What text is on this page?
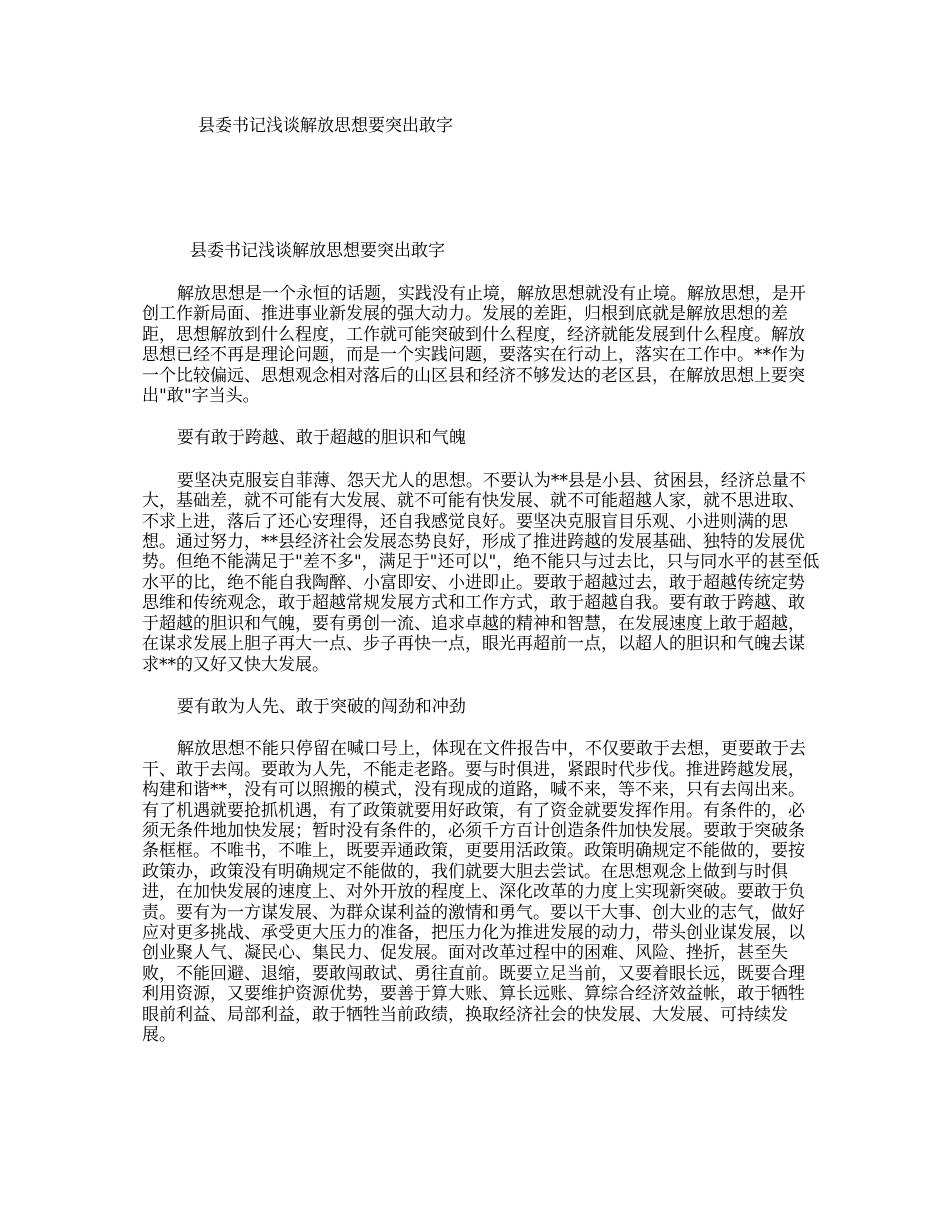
县委书记浅谈解放思想要突出敢字
县委书记浅谈解放思想要突出敢字

解放思想是一个永恒的话题，实践没有止境，解放思想就没有止境。解放思想，是开创工作新局面、推进事业新发展的强大动力。发展的差距，归根到底就是解放思想的差距，思想解放到什么程度，工作就可能突破到什么程度，经济就能发展到什么程度。解放思想已经不再是理论问题，而是一个实践问题，要落实在行动上，落实在工作中。**作为一个比较偏远、思想观念相对落后的山区县和经济不够发达的老区县，在解放思想上要突出"敢"字当头。

要有敢于跨越、敢于超越的胆识和气魄

要坚决克服妄自菲薄、怨天尤人的思想。不要认为**县是小县、贫困县，经济总量不大，基础差，就不可能有大发展、就不可能有快发展、就不可能超越人家，就不思进取、不求上进，落后了还心安理得，还自我感觉良好。要坚决克服盲目乐观、小进则满的思想。通过努力，**县经济社会发展态势良好，形成了推进跨越的发展基础、独特的发展优势。但绝不能满足于"差不多"，满足于"还可以"，绝不能只与过去比，只与同水平的甚至低水平的比，绝不能自我陶醉、小富即安、小进即止。要敢于超越过去，敢于超越传统定势思维和传统观念，敢于超越常规发展方式和工作方式，敢于超越自我。要有敢于跨越、敢于超越的胆识和气魄，要有勇创一流、追求卓越的精神和智慧，在发展速度上敢于超越，在谋求发展上胆子再大一点、步子再快一点，眼光再超前一点，以超人的胆识和气魄去谋求**的又好又快大发展。

要有敢为人先、敢于突破的闯劲和冲劲

解放思想不能只停留在喊口号上，体现在文件报告中，不仅要敢于去想，更要敢于去干、敢于去闯。要敢为人先，不能走老路。要与时俱进，紧跟时代步伐。推进跨越发展，构建和谐**，没有可以照搬的模式，没有现成的道路，喊不来，等不来，只有去闯出来。有了机遇就要抢抓机遇，有了政策就要用好政策，有了资金就要发挥作用。有条件的，必须无条件地加快发展；暂时没有条件的，必须千方百计创造条件加快发展。要敢于突破条条框框。不唯书，不唯上，既要弄通政策，更要用活政策。政策明确规定不能做的，要按政策办，政策没有明确规定不能做的，我们就要大胆去尝试。在思想观念上做到与时俱进，在加快发展的速度上、对外开放的程度上、深化改革的力度上实现新突破。要敢于负责。要有为一方谋发展、为群众谋利益的激情和勇气。要以干大事、创大业的志气，做好应对更多挑战、承受更大压力的准备，把压力化为推进发展的动力，带头创业谋发展，以创业聚人气、凝民心、集民力、促发展。面对改革过程中的困难、风险、挫折，甚至失败，不能回避、退缩，要敢闯敢试、勇往直前。既要立足当前，又要着眼长远，既要合理利用资源，又要维护资源优势，要善于算大账、算长远账、算综合经济效益帐，敢于牺牲眼前利益、局部利益，敢于牺牲当前政绩，换取经济社会的快发展、大发展、可持续发展。
